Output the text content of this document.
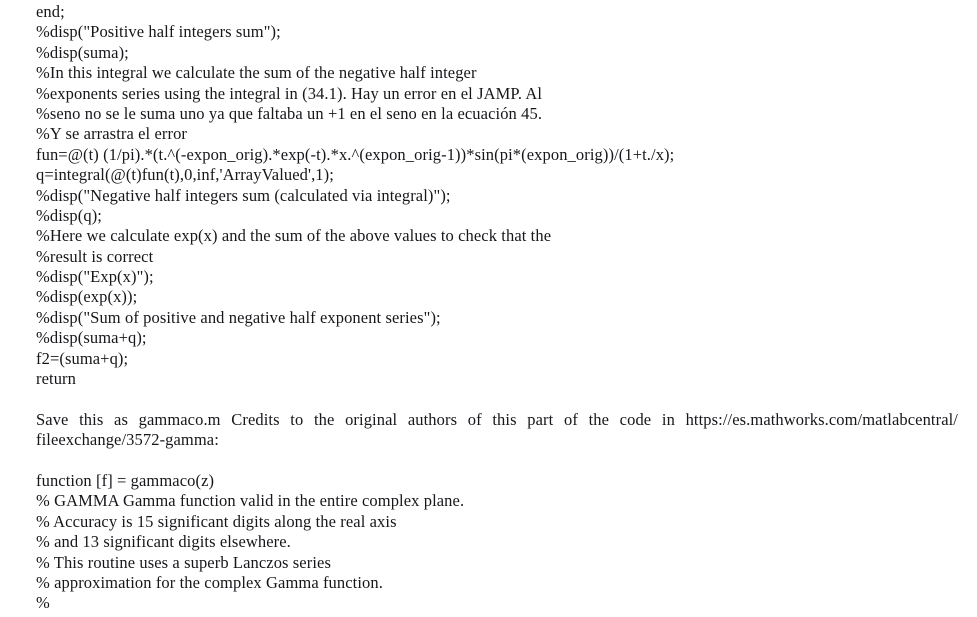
end;
%disp("Positive half integers sum");
%disp(suma);
%In this integral we calculate the sum of the negative half integer
%exponents series using the integral in (34.1). Hay un error en el JAMP. Al
%seno no se le suma uno ya que faltaba un +1 en el seno en la ecuación 45.
%Y se arrastra el error
fun=@(t) (1/pi).*(t.^(-expon_orig).*exp(-t).*x.^(expon_orig-1))*sin(pi*(expon_orig))/(1+t./x);
q=integral(@(t)fun(t),0,inf,'ArrayValued',1);
%disp("Negative half integers sum (calculated via integral)");
%disp(q);
%Here we calculate exp(x) and the sum of the above values to check that the
%result is correct
%disp("Exp(x)");
%disp(exp(x));
%disp("Sum of positive and negative half exponent series");
%disp(suma+q);
f2=(suma+q);
return
Save this as gammaco.m Credits to the original authors of this part of the code in https://es.mathworks.com/matlabcentral/
fileexchange/3572-gamma:
function [f] = gammaco(z)
% GAMMA Gamma function valid in the entire complex plane.
% Accuracy is 15 significant digits along the real axis
% and 13 significant digits elsewhere.
% This routine uses a superb Lanczos series
% approximation for the complex Gamma function.
%
